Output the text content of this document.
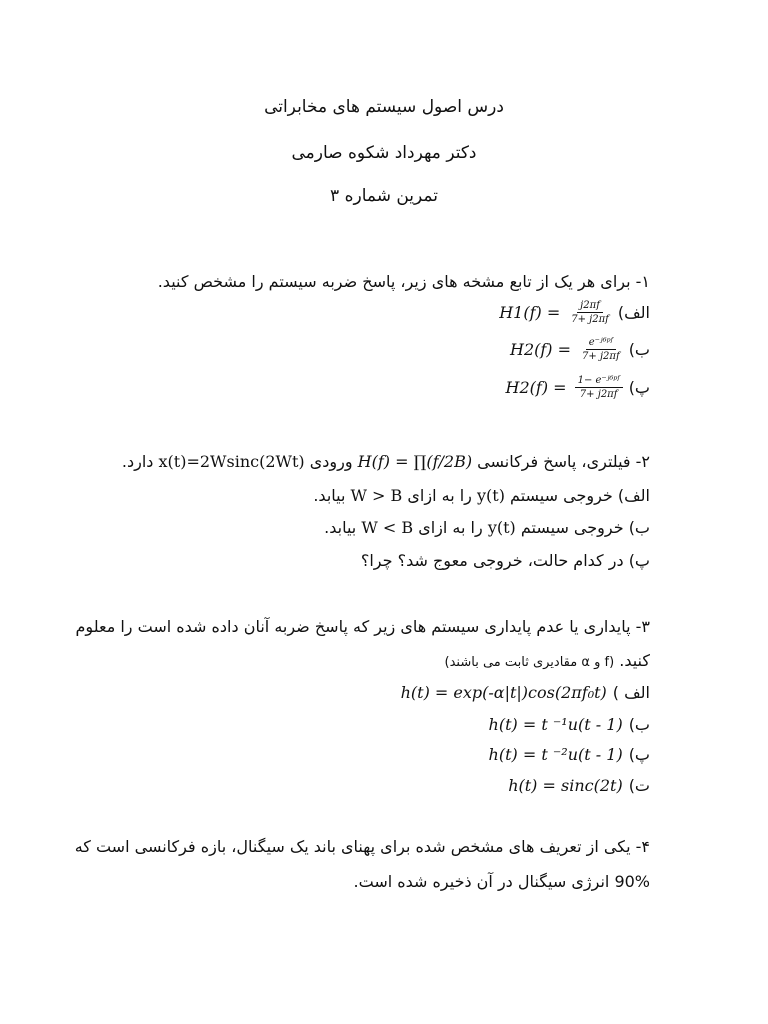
درس اصول سیستم های مخابراتی
دکتر مهرداد شکوه صارمی
تمرین شماره ۳
۱- برای هر یک از تابع مشخه های زیر، پاسخ ضربه سیستم را مشخص کنید.
الف)
$H1(f) = \frac{j2\pi f}{7+ j2\pi f}$
ب)
$H2(f) = \frac{\text{e⁻ʲ⁶ᵖᶠ}}{7+ j2\pi f}$
پ)
$H2(f) = \frac{\text{1− e⁻ʲ⁶ᵖᶠ}}{7+ j2\pi f}$
۲- فیلتری، پاسخ فرکانسی H(f) = ∏(f/2B) ورودی x(t)=2Wsinc(2Wt) دارد.
الف) خروجی سیستم y(t) را به ازای W > B بیابد.
ب) خروجی سیستم y(t) را به ازای W < B بیابد.
پ) در کدام حالت، خروجی معوج شد؟ چرا؟
۳- پایداری یا عدم پایداری سیستم های زیر که پاسخ ضربه آنان داده شده است را معلوم
کنید. (f و α مقادیری ثابت می باشند)
الف )
h(t) = exp(-α|t|)cos(2πf₀t)
ب)
h(t) = t ⁻¹u(t - 1)
پ)
h(t) = t ⁻²u(t - 1)
ت)
h(t) = sinc(2t)
۴- یکی از تعریف های مشخص شده برای پهنای باند یک سیگنال، بازه فرکانسی است که
90% انرژی سیگنال در آن ذخیره شده است.
